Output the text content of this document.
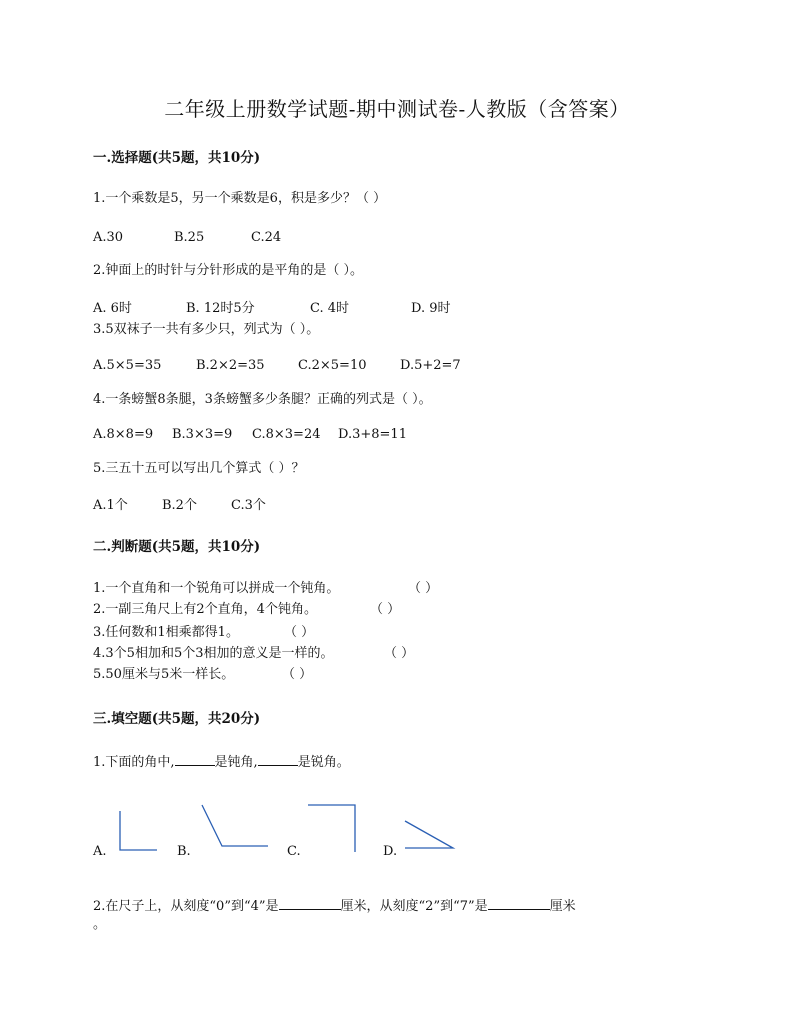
二年级上册数学试题-期中测试卷-人教版（含答案）
一.选择题(共5题，共10分)
1.一个乘数是5，另一个乘数是6，积是多少？（ ）
A.30	B.25	C.24
2.钟面上的时针与分针形成的是平角的是（ ）。
A. 6时	B. 12时5分	C. 4时	D. 9时
3.5双袜子一共有多少只，列式为（ ）。
A.5×5=35	B.2×2=35	C.2×5=10	D.5+2=7
4.一条螃蟹8条腿，3条螃蟹多少条腿？正确的列式是（ ）。
A.8×8=9 B.3×3=9 C.8×3=24 D.3+8=11
5.三五十五可以写出几个算式（ ）？
A.1个	B.2个	C.3个
二.判断题(共5题，共10分)
1.一个直角和一个锐角可以拼成一个钝角。	（ ）
2.一副三角尺上有2个直角，4个钝角。	（ ）
3.任何数和1相乘都得1。	（ ）
4.3个5相加和5个3相加的意义是一样的。	（ ）
5.50厘米与5米一样长。	（ ）
三.填空题(共5题，共20分)
1.下面的角中,	是钝角,	是锐角。
A.	B.	C.	D.
2.在尺子上，从刻度“0”到“4”是	厘米，从刻度“2”到“7”是	厘米
。
